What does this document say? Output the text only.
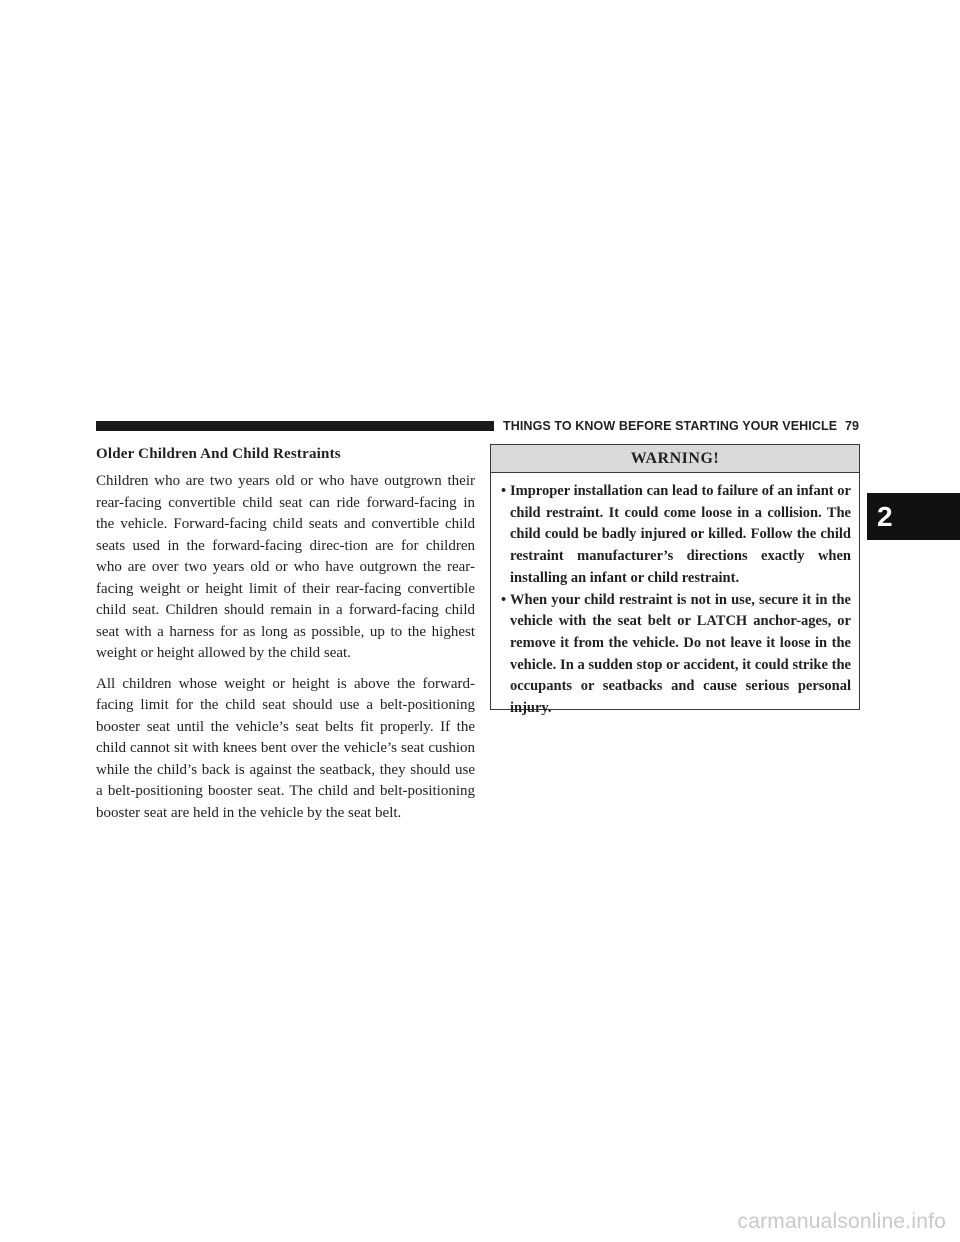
THINGS TO KNOW BEFORE STARTING YOUR VEHICLE 79
Older Children And Child Restraints

Children who are two years old or who have outgrown their rear-facing convertible child seat can ride forward-facing in the vehicle. Forward-facing child seats and convertible child seats used in the forward-facing direc-tion are for children who are over two years old or who have outgrown the rear-facing weight or height limit of their rear-facing convertible child seat. Children should remain in a forward-facing child seat with a harness for as long as possible, up to the highest weight or height allowed by the child seat.

All children whose weight or height is above the forward-facing limit for the child seat should use a belt-positioning booster seat until the vehicle’s seat belts fit properly. If the child cannot sit with knees bent over the vehicle’s seat cushion while the child’s back is against the seatback, they should use a belt-positioning booster seat. The child and belt-positioning booster seat are held in the vehicle by the seat belt.

WARNING!
• Improper installation can lead to failure of an infant or child restraint. It could come loose in a collision. The child could be badly injured or killed. Follow the child restraint manufacturer’s directions exactly when installing an infant or child restraint.
• When your child restraint is not in use, secure it in the vehicle with the seat belt or LATCH anchor-ages, or remove it from the vehicle. Do not leave it loose in the vehicle. In a sudden stop or accident, it could strike the occupants or seatbacks and cause serious personal injury.
2
carmanualsonline.info
